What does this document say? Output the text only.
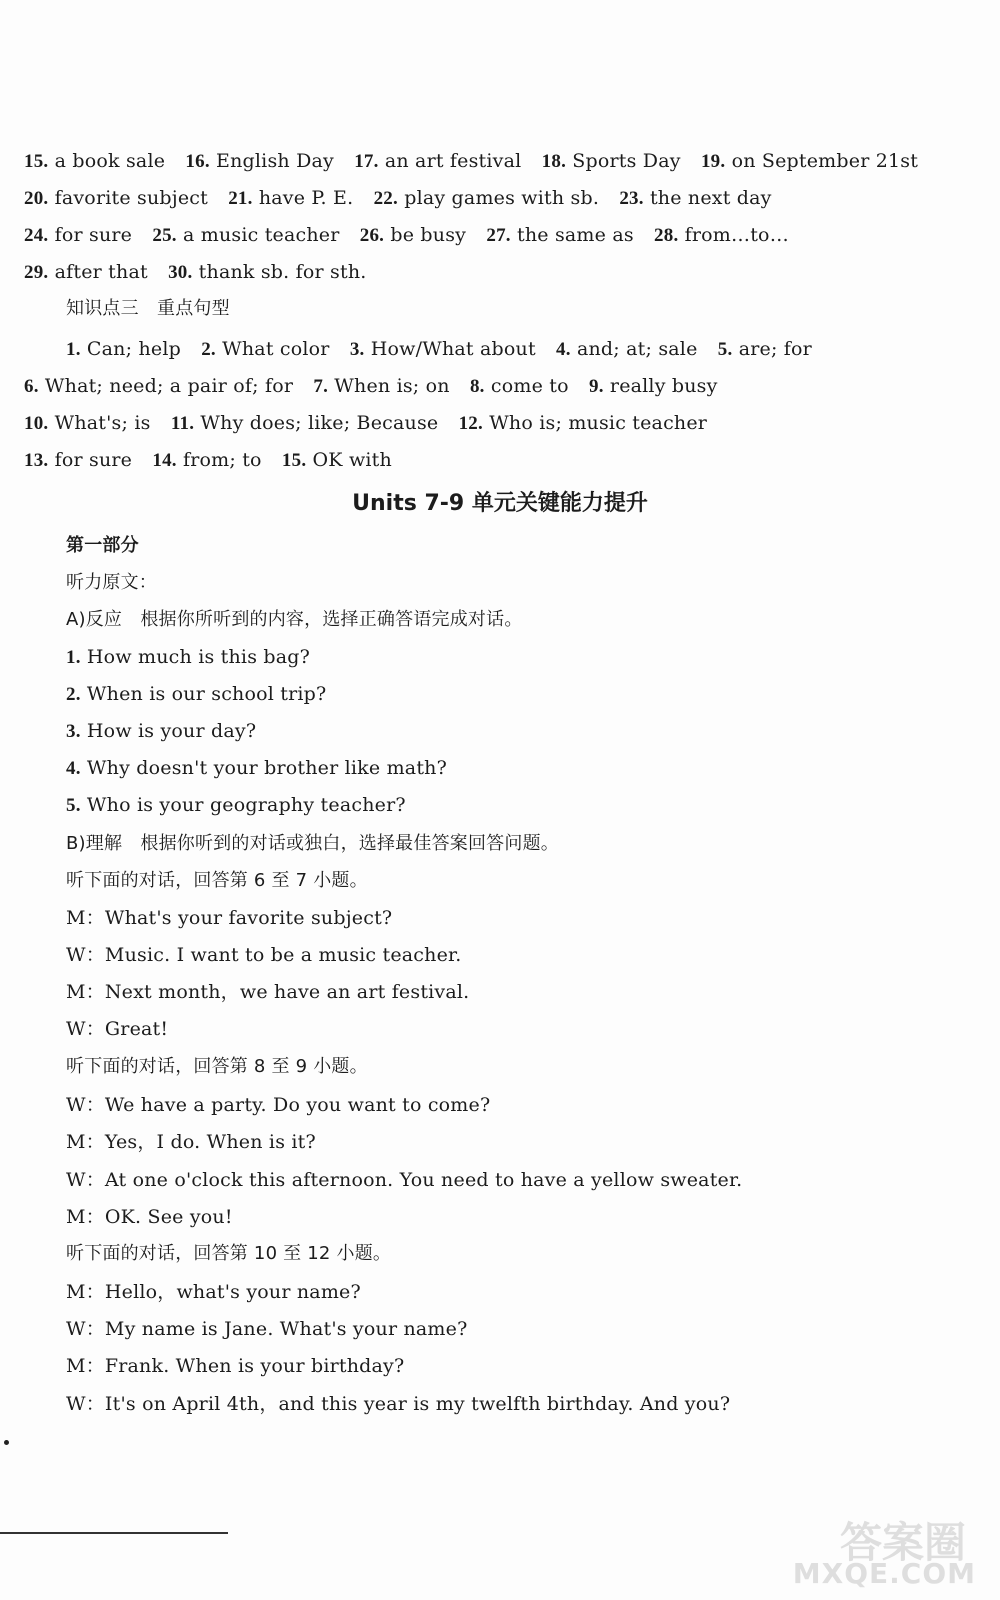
15. a book sale 16. English Day 17. an art festival 18. Sports Day 19. on September 21st
20. favorite subject 21. have P. E. 22. play games with sb. 23. the next day
24. for sure 25. a music teacher 26. be busy 27. the same as 28. from…to…
29. after that 30. thank sb. for sth.
知识点三　重点句型
1. Can; help 2. What color 3. How/What about 4. and; at; sale 5. are; for
6. What; need; a pair of; for 7. When is; on 8. come to 9. really busy
10. What's; is 11. Why does; like; Because 12. Who is; music teacher
13. for sure 14. from; to 15. OK with
Units 7-9 单元关键能力提升
第一部分
听力原文：
A)反应　根据你所听到的内容，选择正确答语完成对话。
1. How much is this bag?
2. When is our school trip?
3. How is your day?
4. Why doesn't your brother like math?
5. Who is your geography teacher?
B)理解　根据你听到的对话或独白，选择最佳答案回答问题。
听下面的对话，回答第 6 至 7 小题。
M：What's your favorite subject?
W：Music. I want to be a music teacher.
M：Next month，we have an art festival.
W：Great!
听下面的对话，回答第 8 至 9 小题。
W：We have a party. Do you want to come?
M：Yes，I do. When is it?
W：At one o'clock this afternoon. You need to have a yellow sweater.
M：OK. See you!
听下面的对话，回答第 10 至 12 小题。
M：Hello，what's your name?
W：My name is Jane. What's your name?
M：Frank. When is your birthday?
W：It's on April 4th，and this year is my twelfth birthday. And you?
答案圈
MXQE.COM
